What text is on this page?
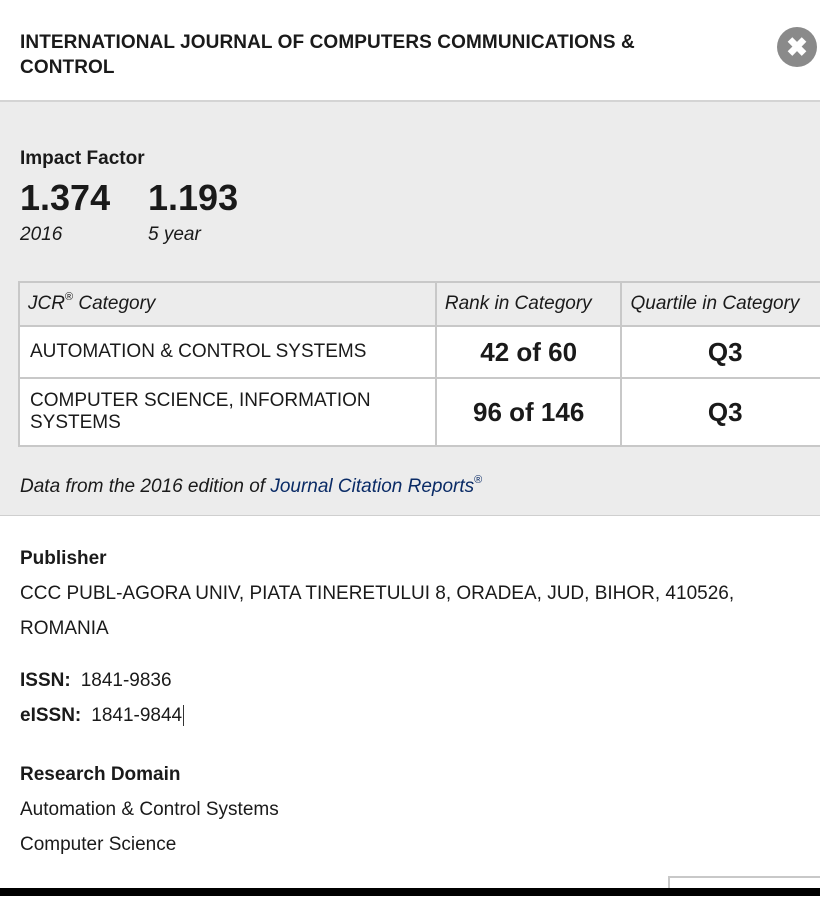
INTERNATIONAL JOURNAL OF COMPUTERS COMMUNICATIONS & CONTROL
✖
Impact Factor
1.374
2016
1.193
5 year
JCR® Category	Rank in Category	Quartile in Category
AUTOMATION & CONTROL SYSTEMS	42 of 60	Q3
COMPUTER SCIENCE, INFORMATION SYSTEMS	96 of 146	Q3
Data from the 2016 edition of Journal Citation Reports®
Publisher
CCC PUBL-AGORA UNIV, PIATA TINERETULUI 8, ORADEA, JUD, BIHOR, 410526, ROMANIA
ISSN: 1841-9836
eISSN: 1841-9844
Research Domain
Automation & Control Systems
Computer Science
